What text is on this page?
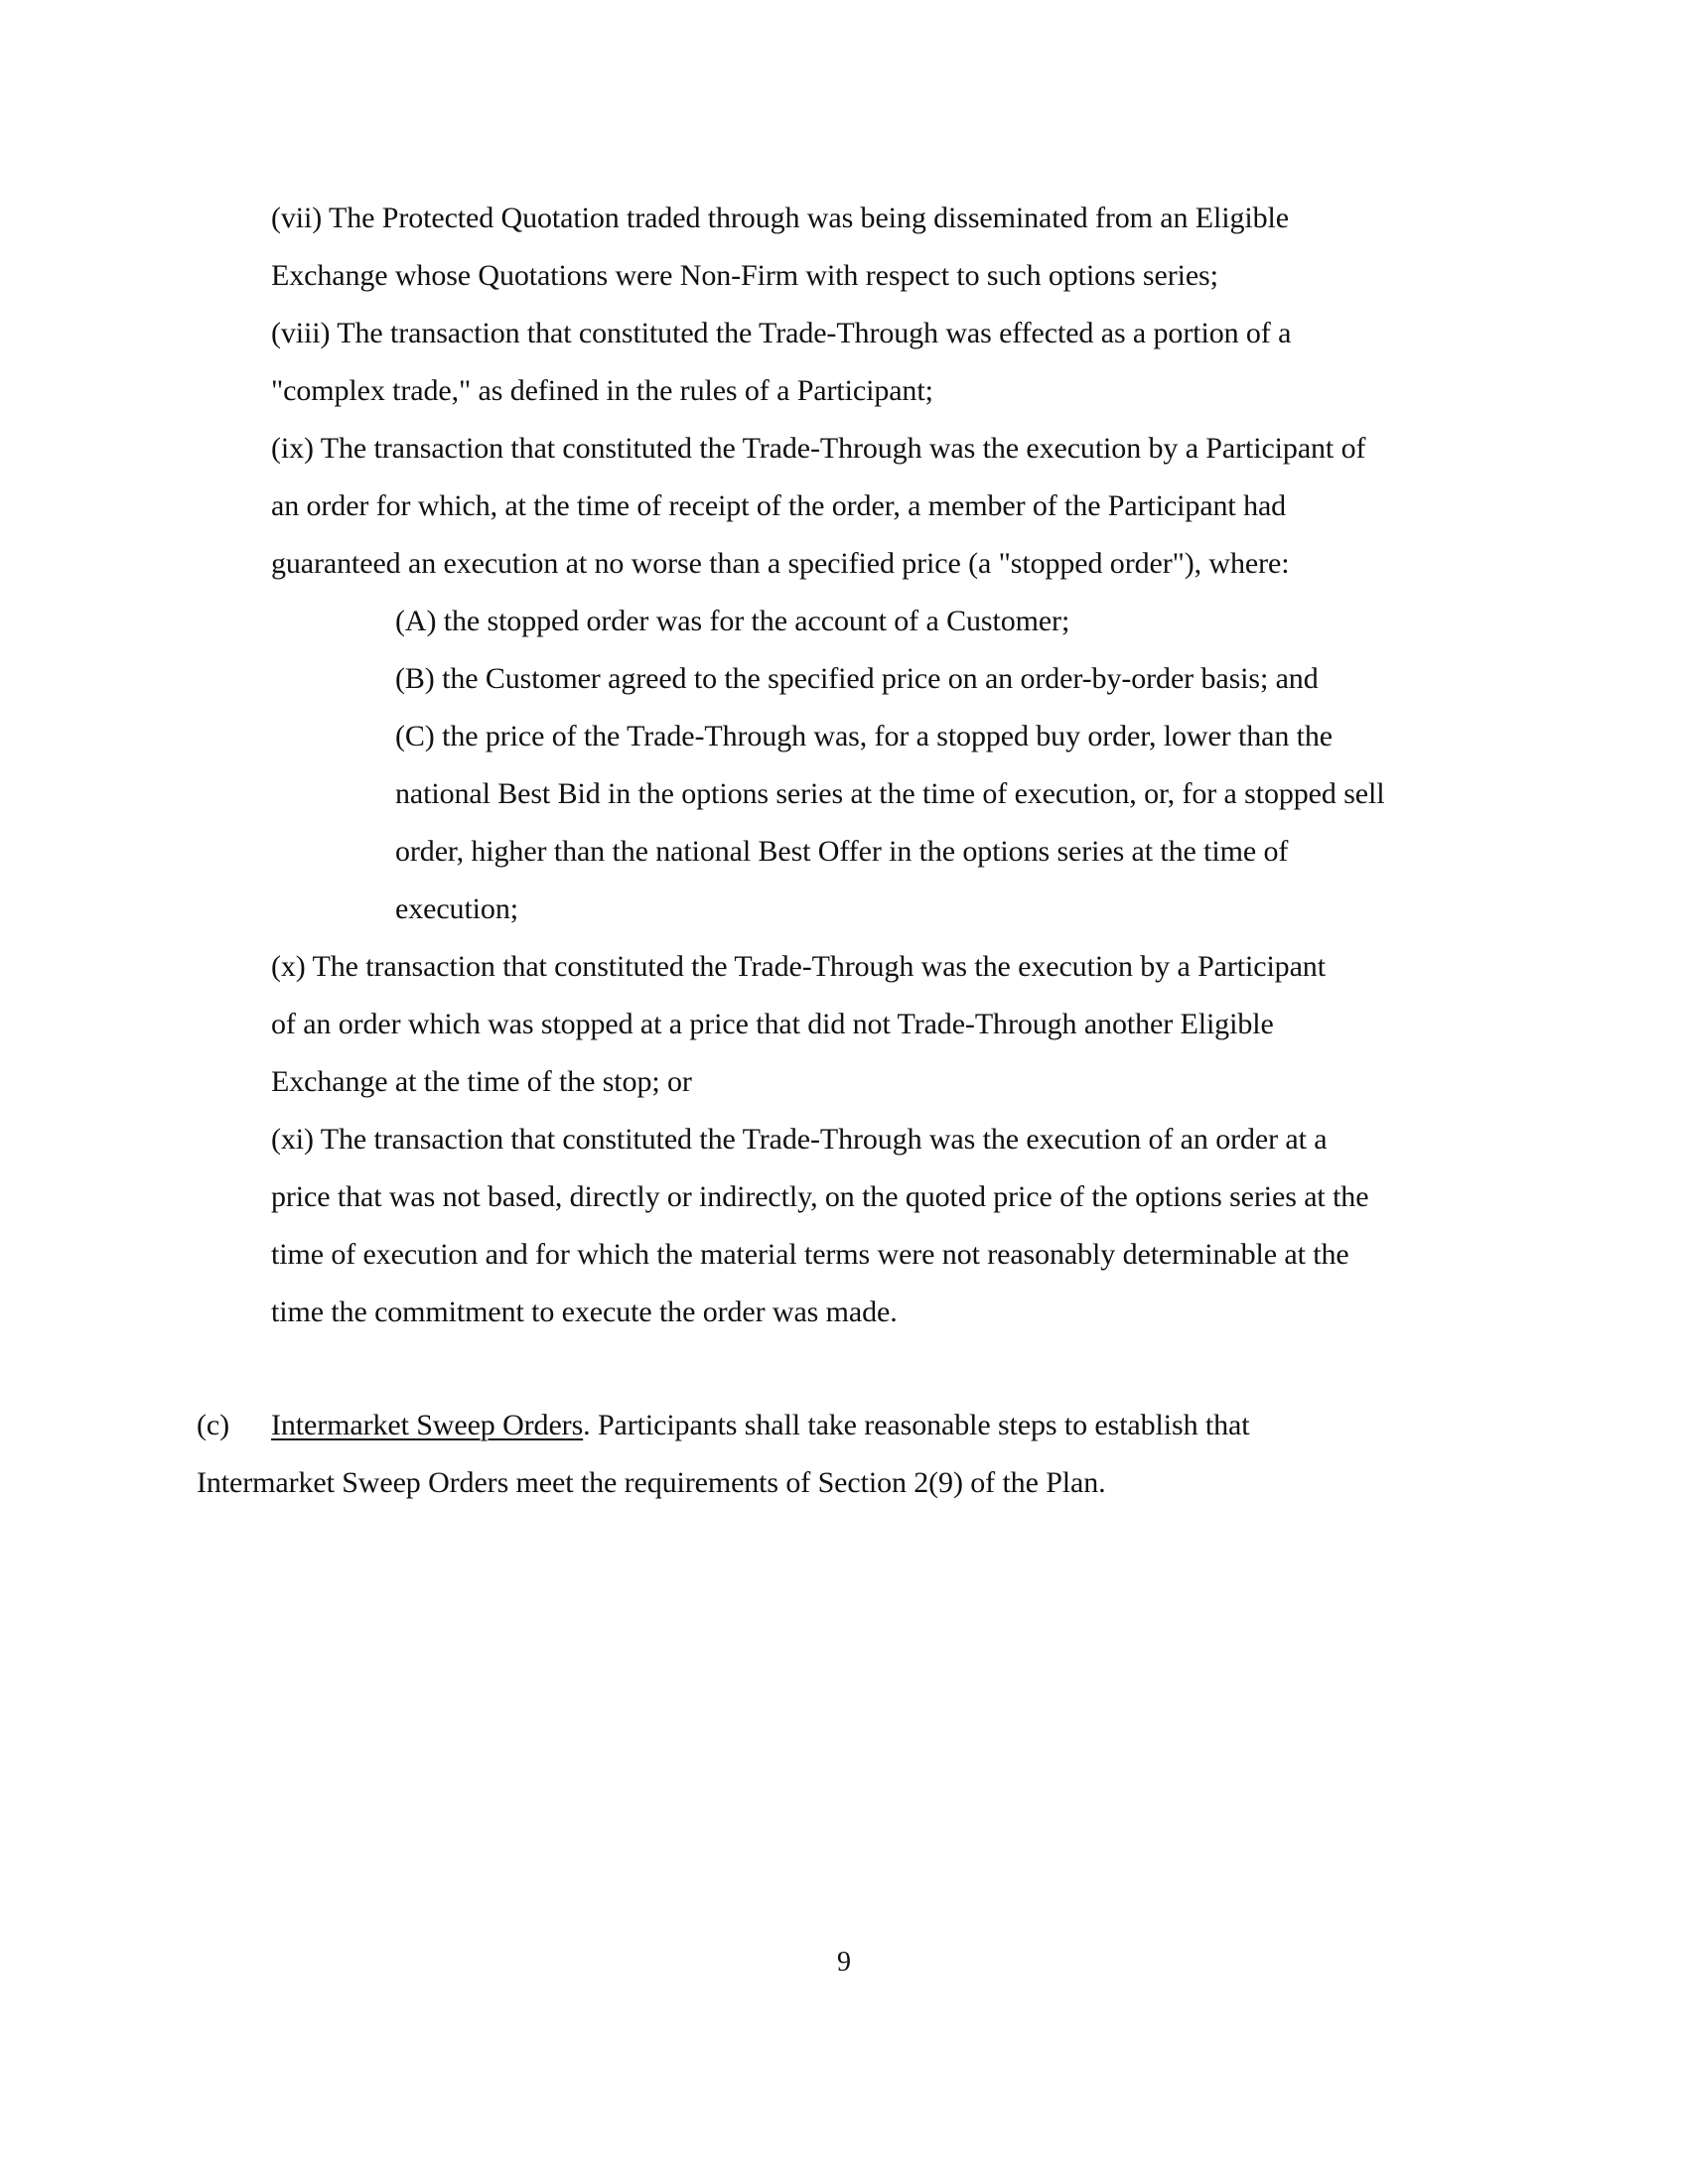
(vii) The Protected Quotation traded through was being disseminated from an Eligible
Exchange whose Quotations were Non-Firm with respect to such options series;
(viii) The transaction that constituted the Trade-Through was effected as a portion of a
"complex trade," as defined in the rules of a Participant;
(ix) The transaction that constituted the Trade-Through was the execution by a Participant of
an order for which, at the time of receipt of the order, a member of the Participant had
guaranteed an execution at no worse than a specified price (a "stopped order"), where:
(A) the stopped order was for the account of a Customer;
(B) the Customer agreed to the specified price on an order-by-order basis; and
(C) the price of the Trade-Through was, for a stopped buy order, lower than the
national Best Bid in the options series at the time of execution, or, for a stopped sell
order, higher than the national Best Offer in the options series at the time of
execution;
(x) The transaction that constituted the Trade-Through was the execution by a Participant
of an order which was stopped at a price that did not Trade-Through another Eligible
Exchange at the time of the stop; or
(xi) The transaction that constituted the Trade-Through was the execution of an order at a
price that was not based, directly or indirectly, on the quoted price of the options series at the
time of execution and for which the material terms were not reasonably determinable at the
time the commitment to execute the order was made.
(c) Intermarket Sweep Orders. Participants shall take reasonable steps to establish that
Intermarket Sweep Orders meet the requirements of Section 2(9) of the Plan.
9
